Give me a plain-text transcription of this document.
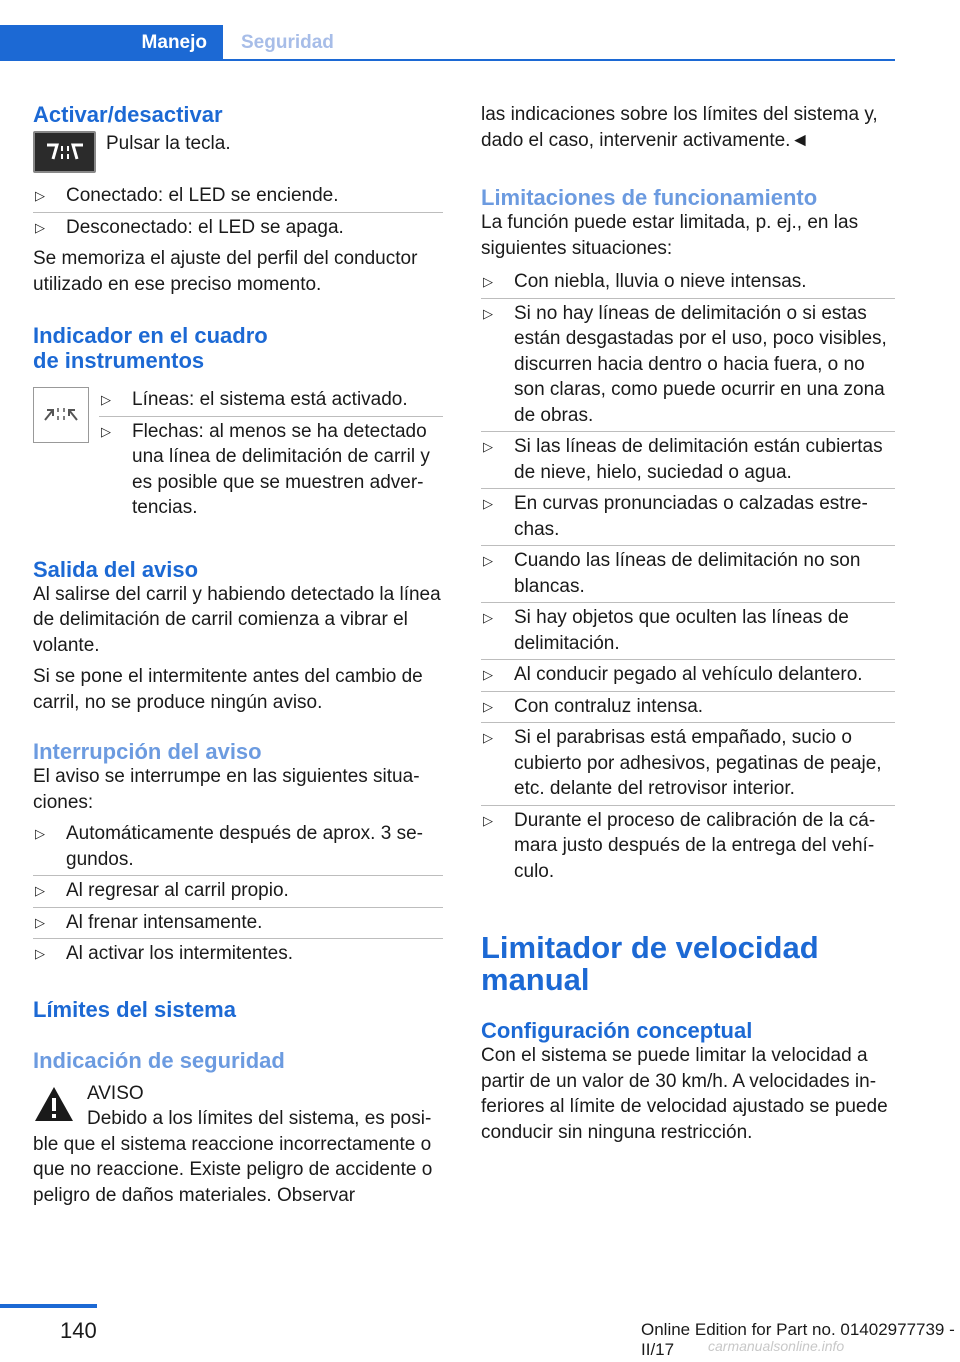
Manejo	Seguridad
Activar/desactivar

Pulsar la tecla.

▷ Conectado: el LED se enciende.
▷ Desconectado: el LED se apaga.

Se memoriza el ajuste del perfil del conductor utilizado en ese preciso momento.

Indicador en el cuadro
de instrumentos
▷ Líneas: el sistema está activado.
▷ Flechas: al menos se ha detectado una línea de delimitación de carril y es posible que se muestren advertencias.
Salida del aviso

Al salirse del carril y habiendo detectado la línea de delimitación de carril comienza a vibrar el volante.

Si se pone el intermitente antes del cambio de carril, no se produce ningún aviso.

Interrupción del aviso

El aviso se interrumpe en las siguientes situaciones:

▷ Automáticamente después de aprox. 3 segundos.
▷ Al regresar al carril propio.
▷ Al frenar intensamente.
▷ Al activar los intermitentes.
Límites del sistema
Indicación de seguridad

AVISO

Debido a los límites del sistema, es posible que el sistema reaccione incorrectamente o que no reaccione. Existe peligro de accidente o peligro de daños materiales. Observar

las indicaciones sobre los límites del sistema y, dado el caso, intervenir activamente.◄

Limitaciones de funcionamiento

La función puede estar limitada, p. ej., en las siguientes situaciones:

▷ Con niebla, lluvia o nieve intensas.
▷ Si no hay líneas de delimitación o si estas están desgastadas por el uso, poco visibles, discurren hacia dentro o hacia fuera, o no son claras, como puede ocurrir en una zona de obras.
▷ Si las líneas de delimitación están cubiertas de nieve, hielo, suciedad o agua.
▷ En curvas pronunciadas o calzadas estrechas.
▷ Cuando las líneas de delimitación no son blancas.
▷ Si hay objetos que oculten las líneas de delimitación.
▷ Al conducir pegado al vehículo delantero.
▷ Con contraluz intensa.
▷ Si el parabrisas está empañado, sucio o cubierto por adhesivos, pegatinas de peaje, etc. delante del retrovisor interior.
▷ Durante el proceso de calibración de la cámara justo después de la entrega del vehículo.
Limitador de velocidad
manual
Configuración conceptual

Con el sistema se puede limitar la velocidad a partir de un valor de 30 km/h. A velocidades inferiores al límite de velocidad ajustado se puede conducir sin ninguna restricción.

140	Online Edition for Part no. 01402977739 - II/17	carmanualsonline.info
